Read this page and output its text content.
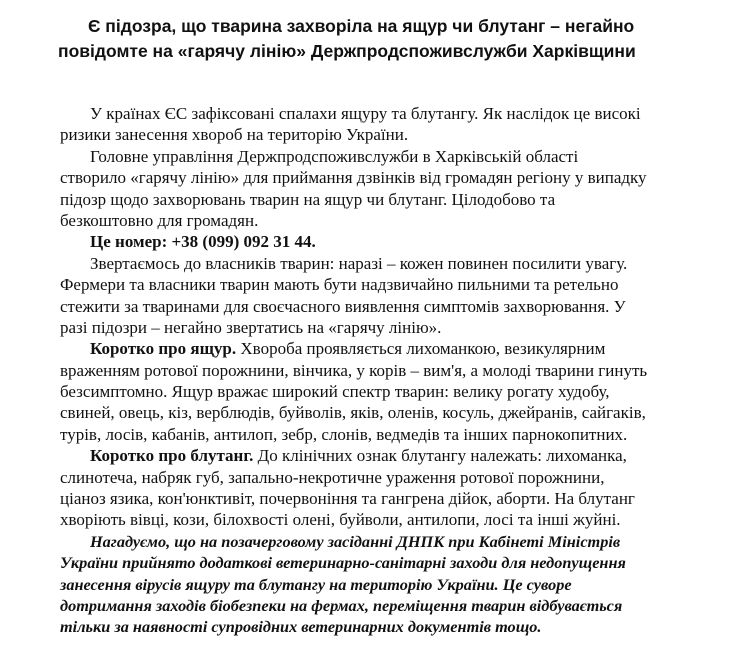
Є підозра, що тварина захворіла на ящур чи блутанг – негайно
повідомте на «гарячу лінію» Держпродспоживслужби Харківщини
У країнах ЄС зафіксовані спалахи ящуру та блутангу. Як наслідок це високі
ризики занесення хвороб на територію України.
Головне управління Держпродспоживслужби в Харківській області
створило «гарячу лінію» для приймання дзвінків від громадян регіону у випадку
підозр щодо захворювань тварин на ящур чи блутанг. Цілодобово та
безкоштовно для громадян.
Це номер: +38 (099) 092 31 44.
Звертаємось до власників тварин: наразі – кожен повинен посилити увагу.
Фермери та власники тварин мають бути надзвичайно пильними та ретельно
стежити за тваринами для своєчасного виявлення симптомів захворювання. У
разі підозри – негайно звертатись на «гарячу лінію».
Коротко про ящур. Хвороба проявляється лихоманкою, везикулярним
враженням ротової порожнини, вінчика, у корів – вим'я, а молоді тварини гинуть
безсимптомно. Ящур вражає широкий спектр тварин: велику рогату худобу,
свиней, овець, кіз, верблюдів, буйволів, яків, оленів, косуль, джейранів, сайгаків,
турів, лосів, кабанів, антилоп, зебр, слонів, ведмедів та інших парнокопитних.
Коротко про блутанг. До клінічних ознак блутангу належать: лихоманка,
слинотеча, набряк губ, запально-некротичне ураження ротової порожнини,
ціаноз язика, кон'юнктивіт, почервоніння та гангрена дійок, аборти. На блутанг
хворіють вівці, кози, білохвості олені, буйволи, антилопи, лосі та інші жуйні.
Нагадуємо, що на позачерговому засіданні ДНПК при Кабінеті Міністрів
України прийнято додаткові ветеринарно-санітарні заходи для недопущення
занесення вірусів ящуру та блутангу на територію України. Це суворе
дотримання заходів біобезпеки на фермах, переміщення тварин відбувається
тільки за наявності супровідних ветеринарних документів тощо.
